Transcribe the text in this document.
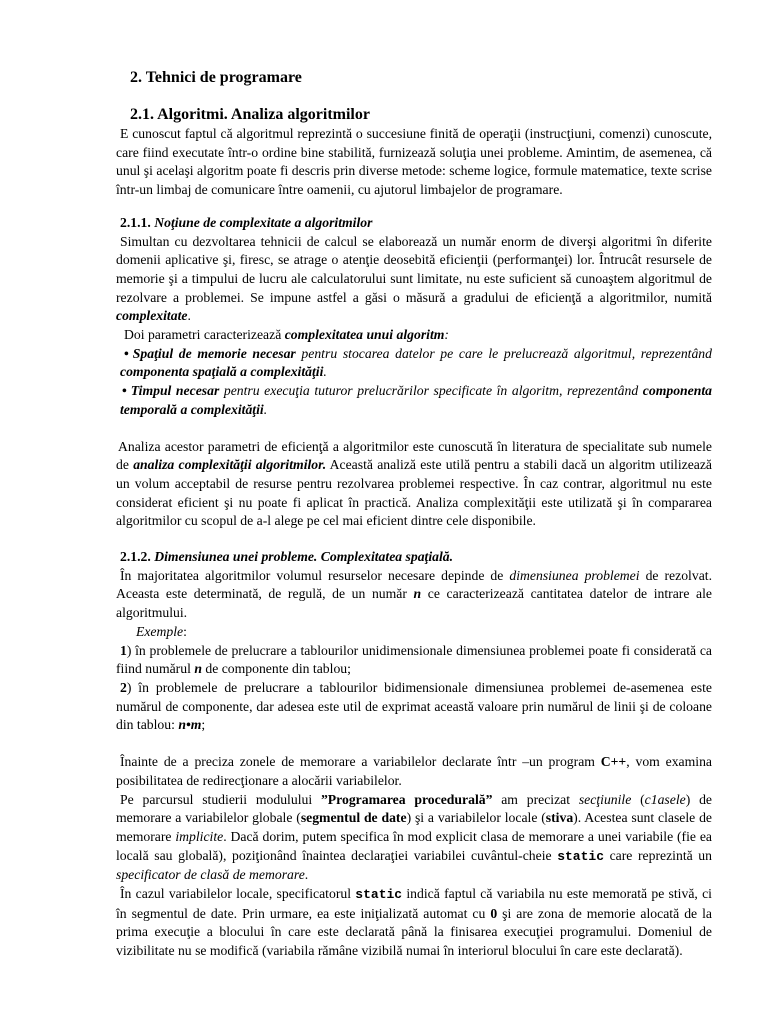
2. Tehnici de programare
2.1. Algoritmi. Analiza algoritmilor

E cunoscut faptul că algoritmul reprezintă o succesiune finită de operaţii (instrucţiuni, comenzi) cunoscute, care fiind executate într-o ordine bine stabilită, furnizează soluţia unei probleme. Amintim, de asemenea, că unul şi acelaşi algoritm poate fi descris prin diverse metode: scheme logice, formule matematice, texte scrise într-un limbaj de comunicare între oamenii, cu ajutorul limbajelor de programare.

2.1.1. Noţiune de complexitate a algoritmilor

Simultan cu dezvoltarea tehnicii de calcul se elaborează un număr enorm de diverşi algoritmi în diferite domenii aplicative şi, firesc, se atrage o atenţie deosebită eficienţii (performanţei) lor. Întrucât resursele de memorie şi a timpului de lucru ale calculatorului sunt limitate, nu este suficient să cunoaştem algoritmul de rezolvare a problemei. Se impune astfel a găsi o măsură a gradului de eficienţă a algoritmilor, numită complexitate.

Doi parametri caracterizează complexitatea unui algoritm:

• Spaţiul de memorie necesar pentru stocarea datelor pe care le prelucrează algoritmul, reprezentând componenta spaţială a complexităţii.

• Timpul necesar pentru execuţia tuturor prelucrărilor specificate în algoritm, reprezentând componenta temporală a complexităţii.

Analiza acestor parametri de eficienţă a algoritmilor este cunoscută în literatura de specialitate sub numele de analiza complexităţii algoritmilor. Această analiză este utilă pentru a stabili dacă un algoritm utilizează un volum acceptabil de resurse pentru rezolvarea problemei respective. În caz contrar, algoritmul nu este considerat eficient şi nu poate fi aplicat în practică. Analiza complexităţii este utilizată şi în compararea algoritmilor cu scopul de a-l alege pe cel mai eficient dintre cele disponibile.

2.1.2. Dimensiunea unei probleme. Complexitatea spaţială.

În majoritatea algoritmilor volumul resurselor necesare depinde de dimensiunea problemei de rezolvat. Aceasta este determinată, de regulă, de un număr n ce caracterizează cantitatea datelor de intrare ale algoritmului.

Exemple:

1) în problemele de prelucrare a tablourilor unidimensionale dimensiunea problemei poate fi considerată ca fiind numărul n de componente din tablou;

2) în problemele de prelucrare a tablourilor bidimensionale dimensiunea problemei de-asemenea este numărul de componente, dar adesea este util de exprimat această valoare prin numărul de linii şi de coloane din tablou: n•m;

Înainte de a preciza zonele de memorare a variabilelor declarate într –un program C++, vom examina posibilitatea de redirecţionare a alocării variabilelor.

Pe parcursul studierii modulului ”Programarea procedurală” am precizat secţiunile (c1asele) de memorare a variabilelor globale (segmentul de date) şi a variabilelor locale (stiva). Acestea sunt clasele de memorare implicite. Dacă dorim, putem specifica în mod explicit clasa de memorare a unei variabile (fie ea locală sau globală), poziţionând înaintea declaraţiei variabilei cuvântul-cheie static care reprezintă un specificator de clasă de memorare.

În cazul variabilelor locale, specificatorul static indică faptul că variabila nu este memorată pe stivă, ci în segmentul de date. Prin urmare, ea este iniţializată automat cu 0 şi are zona de memorie alocată de la prima execuţie a blocului în care este declarată până la finisarea execuţiei programului. Domeniul de vizibilitate nu se modifică (variabila rămâne vizibilă numai în interiorul blocului în care este declarată).
